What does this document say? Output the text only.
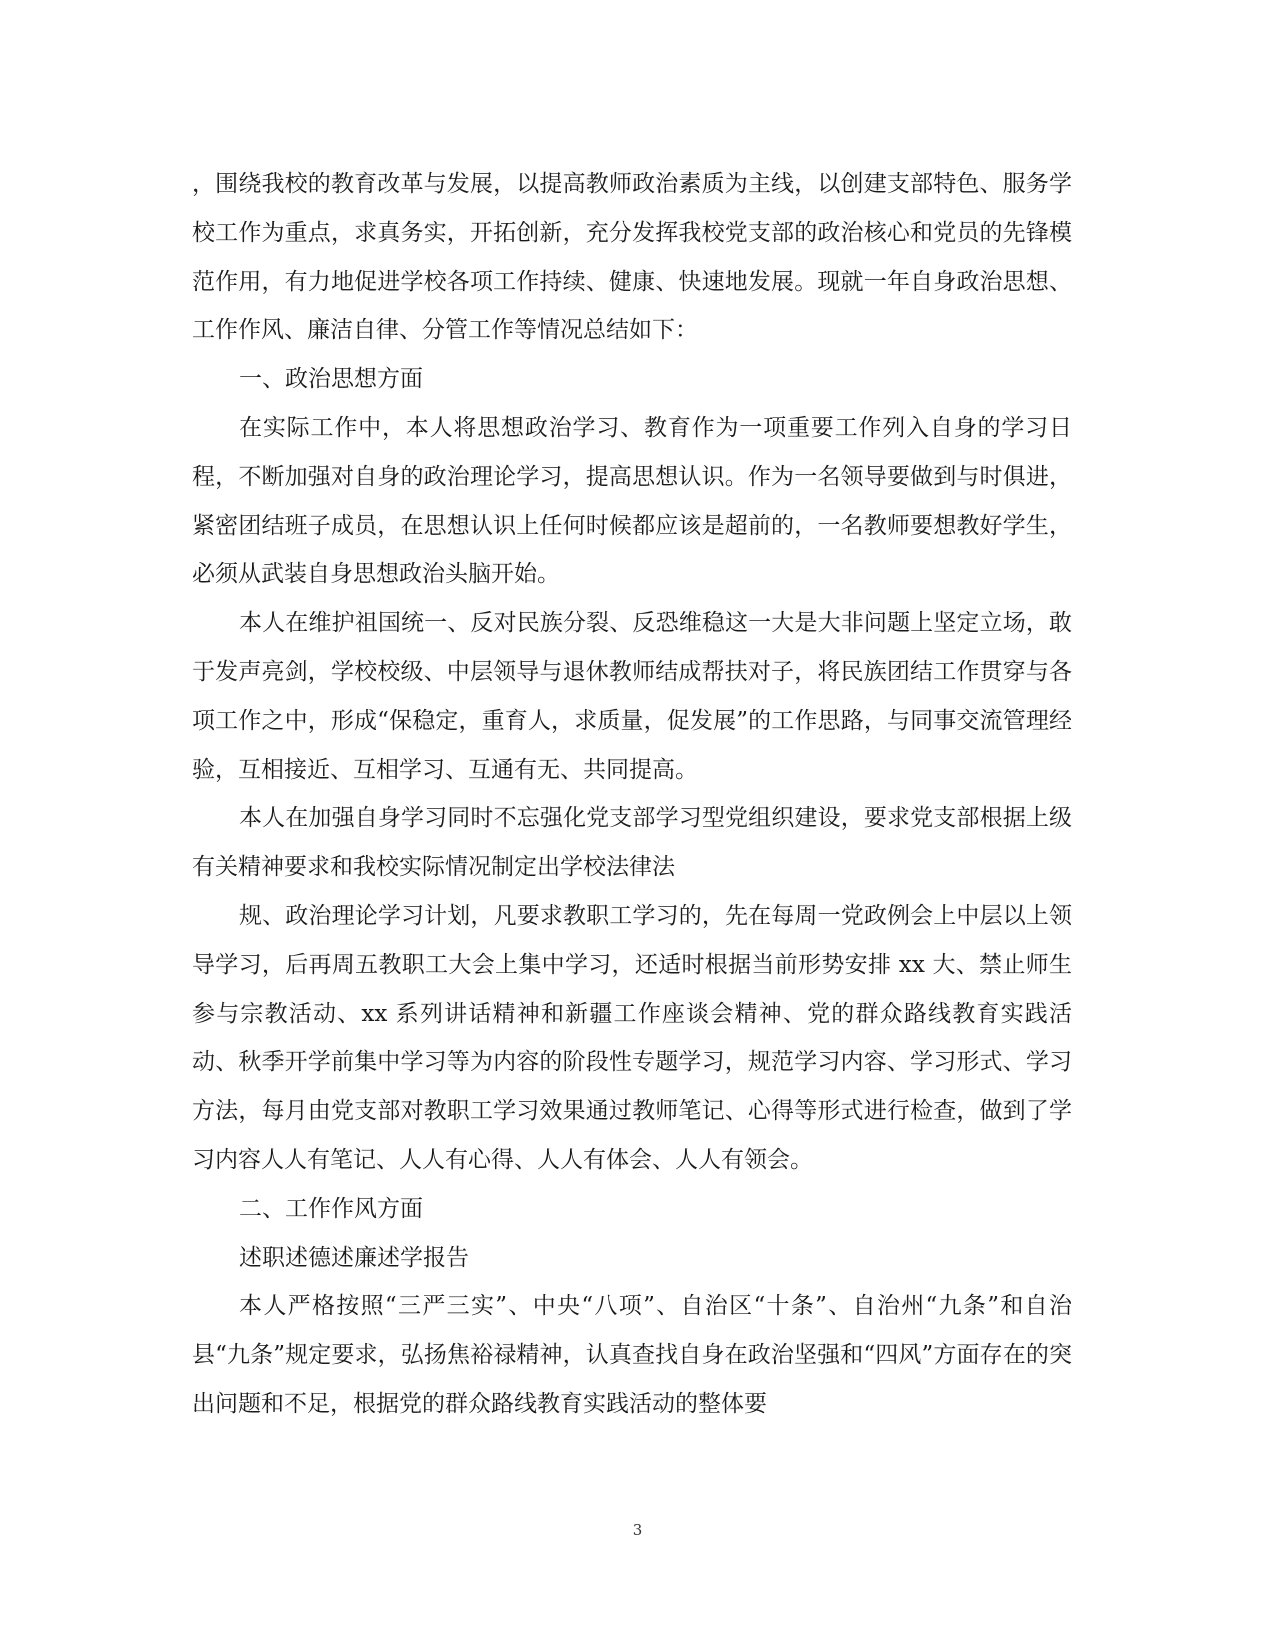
，围绕我校的教育改革与发展，以提高教师政治素质为主线，以创建支部特色、服务学校工作为重点，求真务实，开拓创新，充分发挥我校党支部的政治核心和党员的先锋模范作用，有力地促进学校各项工作持续、健康、快速地发展。现就一年自身政治思想、工作作风、廉洁自律、分管工作等情况总结如下：

一、政治思想方面

在实际工作中，本人将思想政治学习、教育作为一项重要工作列入自身的学习日程，不断加强对自身的政治理论学习，提高思想认识。作为一名领导要做到与时俱进，紧密团结班子成员，在思想认识上任何时候都应该是超前的，一名教师要想教好学生，必须从武装自身思想政治头脑开始。

本人在维护祖国统一、反对民族分裂、反恐维稳这一大是大非问题上坚定立场，敢于发声亮剑，学校校级、中层领导与退休教师结成帮扶对子，将民族团结工作贯穿与各项工作之中，形成“保稳定，重育人，求质量，促发展”的工作思路，与同事交流管理经验，互相接近、互相学习、互通有无、共同提高。

本人在加强自身学习同时不忘强化党支部学习型党组织建设，要求党支部根据上级有关精神要求和我校实际情况制定出学校法律法

规、政治理论学习计划，凡要求教职工学习的，先在每周一党政例会上中层以上领导学习，后再周五教职工大会上集中学习，还适时根据当前形势安排 xx 大、禁止师生参与宗教活动、xx 系列讲话精神和新疆工作座谈会精神、党的群众路线教育实践活动、秋季开学前集中学习等为内容的阶段性专题学习，规范学习内容、学习形式、学习方法，每月由党支部对教职工学习效果通过教师笔记、心得等形式进行检查，做到了学习内容人人有笔记、人人有心得、人人有体会、人人有领会。

二、工作作风方面

述职述德述廉述学报告

本人严格按照“三严三实”、中央“八项”、自治区“十条”、自治州“九条”和自治县“九条”规定要求，弘扬焦裕禄精神，认真查找自身在政治坚强和“四风”方面存在的突出问题和不足，根据党的群众路线教育实践活动的整体要

3
